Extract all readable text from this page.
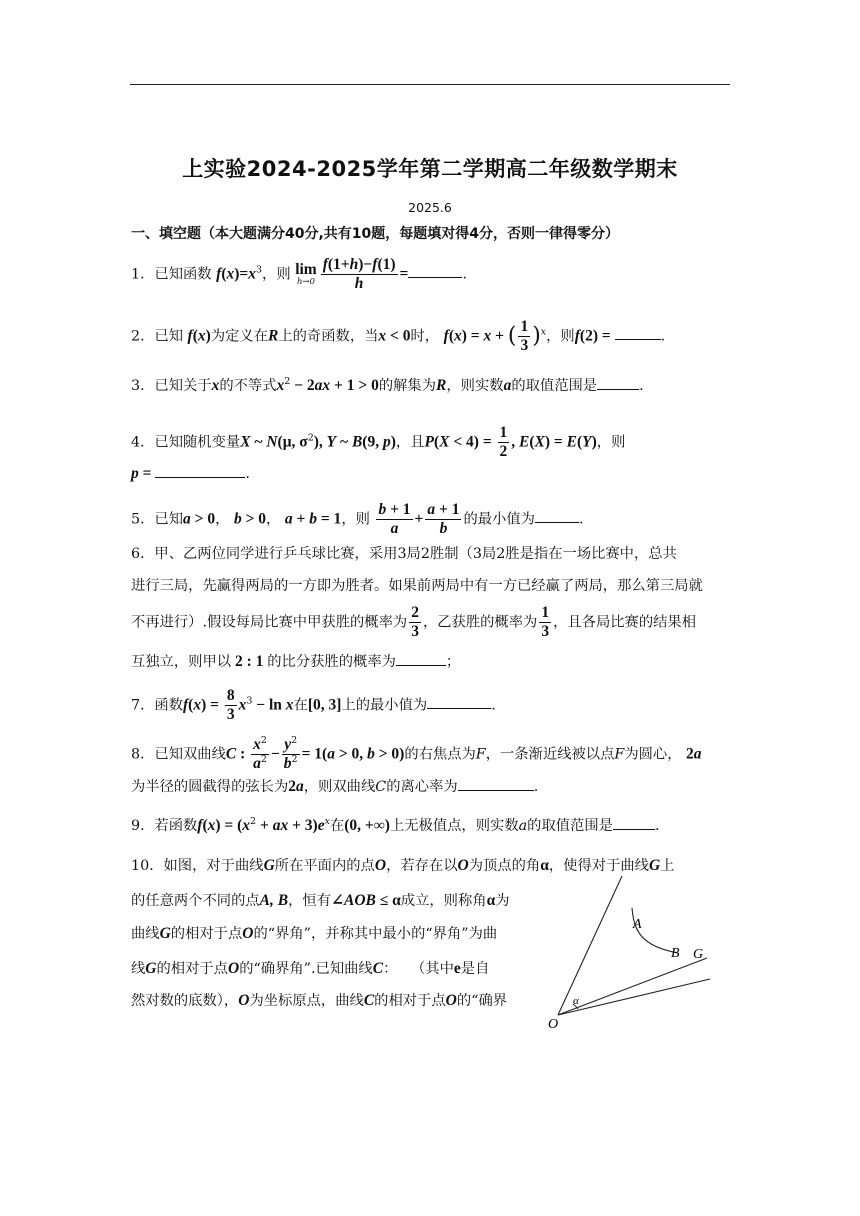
上实验2024-2025学年第二学期高二年级数学期末
2025.6
一、填空题（本大题满分40分,共有10题，每题填对得4分，否则一律得零分）
1．已知函数 $f(x)=x^3$，则 lim
$h\to 0 \frac{f(1+h)-f(1)}{h}$ =	.
2．已知 f(x)为定义在R上的奇函数，当x < 0时， f(x) = x + ( $\frac{1}{3} )^x$，则f(2) =	.
3．已知关于x的不等式$x^2 - 2ax + 1 > 0$的解集为R，则实数a的取值范围是	.
4．已知随机变量X ~ N(μ, $\sigma^2$), Y ~ B(9, p)，且$P(X < 4) = \frac{1}{2}$ , E(X) = E(Y)，则
p =	.
5．已知a > 0， b > 0， a + b = 1，则 $\frac{b + 1}{a} + \frac{a + 1}{b}$ 的最小值为	.
6．甲、乙两位同学进行乒乓球比赛，采用3局2胜制（3局2胜是指在一场比赛中，总共
进行三局，先赢得两局的一方即为胜者。如果前两局中有一方已经赢了两局，那么第三局就
不再进行）.假设每局比赛中甲获胜的概率为 $\frac{2}{3}$ ，乙获胜的概率为 $\frac{1}{3}$ ，且各局比赛的结果相
互独立，则甲以 2 : 1 的比分获胜的概率为	；
7．函数$f(x) = \frac{8}{3} x^3 - \ln x$在[0, 3]上的最小值为	.
8．已知双曲线C : $\frac{x^2}{a^2} - \frac{y^2}{b^2} = 1(a > 0$, b > 0)的右焦点为F，一条渐近线被以点F为圆心， 2a
为半径的圆截得的弦长为2a，则双曲线C的离心率为	.
9．若函数$f(x) = (x^2$ + ax + $3)e^x$在(0, +∞)上无极值点，则实数a的取值范围是	.
10．如图，对于曲线G所在平面内的点O，若存在以O为顶点的角α，使得对于曲线G上
的任意两个不同的点A, B，恒有∠AOB ≤ α成立，则称角α为
曲线G的相对于点O的“界角”，并称其中最小的“界角”为曲
线G的相对于点O的“确界角”.已知曲线C： （其中e是自
然对数的底数），O为坐标原点，曲线C的相对于点O的“确界
A
B G
O
α
